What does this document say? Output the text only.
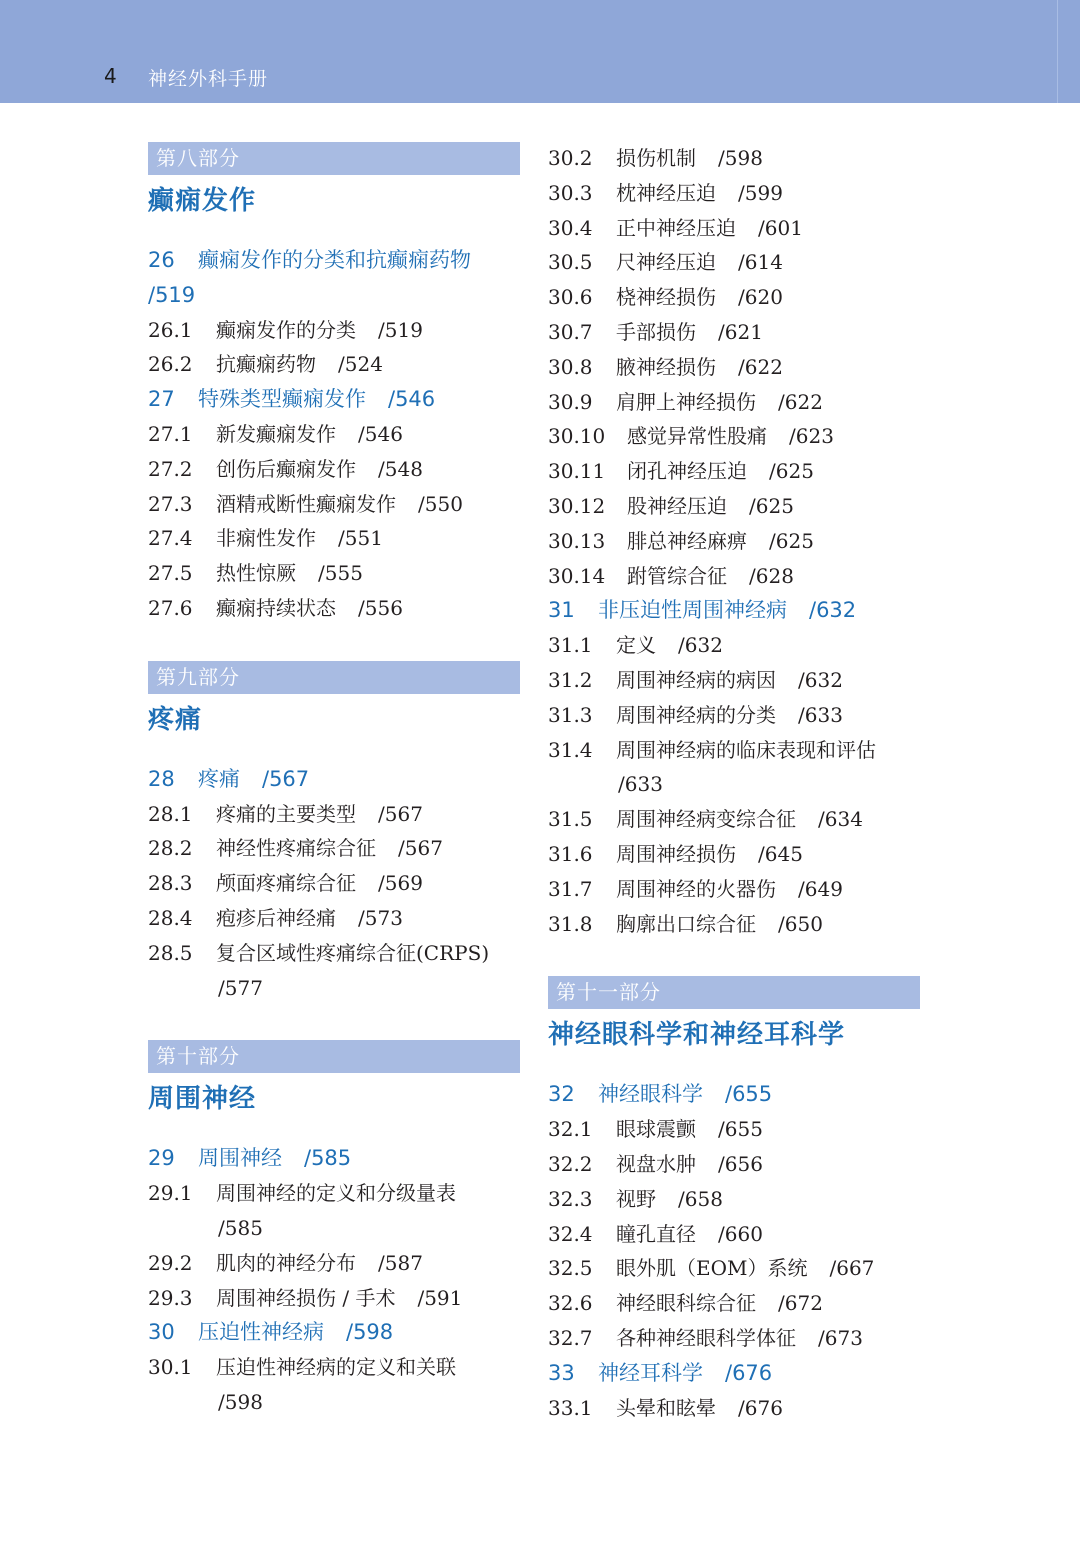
4 神经外科手册
第八部分
癫痫发作
26 癫痫发作的分类和抗癫痫药物
/519
26.1 癫痫发作的分类 /519
26.2 抗癫痫药物 /524
27 特殊类型癫痫发作 /546
27.1 新发癫痫发作 /546
27.2 创伤后癫痫发作 /548
27.3 酒精戒断性癫痫发作 /550
27.4 非痫性发作 /551
27.5 热性惊厥 /555
27.6 癫痫持续状态 /556
第九部分
疼痛
28 疼痛 /567
28.1 疼痛的主要类型 /567
28.2 神经性疼痛综合征 /567
28.3 颅面疼痛综合征 /569
28.4 疱疹后神经痛 /573
28.5 复合区域性疼痛综合征(CRPS)
/577
第十部分
周围神经
29 周围神经 /585
29.1 周围神经的定义和分级量表
/585
29.2 肌肉的神经分布 /587
29.3 周围神经损伤 / 手术 /591
30 压迫性神经病 /598
30.1 压迫性神经病的定义和关联
/598
30.2 损伤机制 /598
30.3 枕神经压迫 /599
30.4 正中神经压迫 /601
30.5 尺神经压迫 /614
30.6 桡神经损伤 /620
30.7 手部损伤 /621
30.8 腋神经损伤 /622
30.9 肩胛上神经损伤 /622
30.10 感觉异常性股痛 /623
30.11 闭孔神经压迫 /625
30.12 股神经压迫 /625
30.13 腓总神经麻痹 /625
30.14 跗管综合征 /628
31 非压迫性周围神经病 /632
31.1 定义 /632
31.2 周围神经病的病因 /632
31.3 周围神经病的分类 /633
31.4 周围神经病的临床表现和评估
/633
31.5 周围神经病变综合征 /634
31.6 周围神经损伤 /645
31.7 周围神经的火器伤 /649
31.8 胸廓出口综合征 /650
第十一部分
神经眼科学和神经耳科学
32 神经眼科学 /655
32.1 眼球震颤 /655
32.2 视盘水肿 /656
32.3 视野 /658
32.4 瞳孔直径 /660
32.5 眼外肌（EOM）系统 /667
32.6 神经眼科综合征 /672
32.7 各种神经眼科学体征 /673
33 神经耳科学 /676
33.1 头晕和眩晕 /676
